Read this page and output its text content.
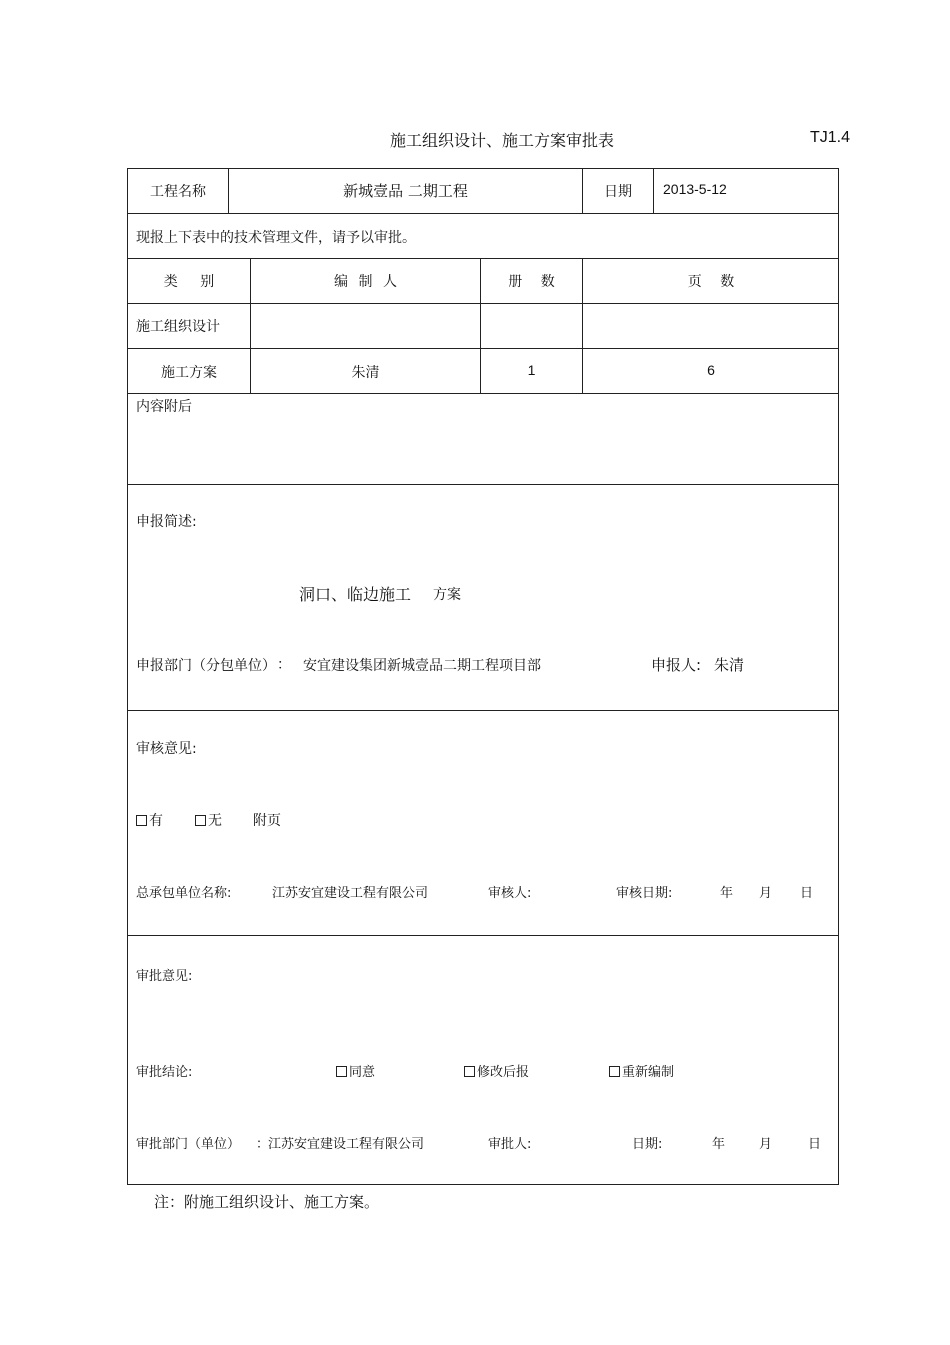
施工组织设计、施工方案审批表	TJ1.4
工程名称	新城壹品 二期工程	日期	2013-5-12
现报上下表中的技术管理文件，请予以审批。
类 别	编 制 人	册 数	页 数
施工组织设计
施工方案	朱清	1	6
内容附后
申报简述:
洞口、临边施工 方案
申报部门（分包单位） ： 安宜建设集团新城壹品二期工程项目部	申报人: 朱清
审核意见:
有	无 附页
总承包单位名称:	江苏安宜建设工程有限公司	审核人:	审核日期:	年 月 日
审批意见:
审批结论:	同意	修改后报	重新编制
审批部门（单位） ：
江苏安宜建设工程有限公司	审批人:	日期:	年	月	日
注：附施工组织设计、施工方案。
